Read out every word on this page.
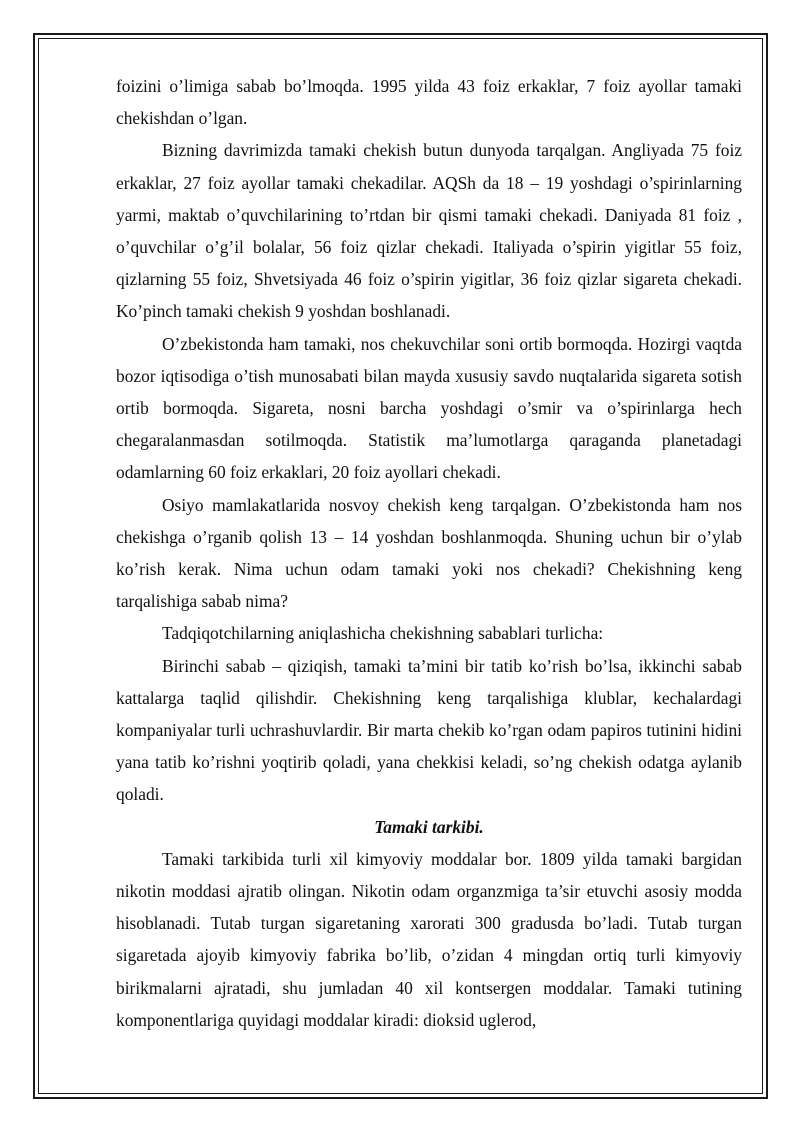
foizini o’limiga sabab bo’lmoqda. 1995 yilda 43 foiz erkaklar, 7 foiz ayollar tamaki chekishdan o’lgan.

Bizning davrimizda tamaki chekish butun dunyoda tarqalgan. Angliyada 75 foiz erkaklar, 27 foiz ayollar tamaki chekadilar. AQSh da 18 – 19 yoshdagi o’spirinlarning yarmi, maktab o’quvchilarining to’rtdan bir qismi tamaki chekadi. Daniyada 81 foiz , o’quvchilar o’g’il bolalar, 56 foiz qizlar chekadi. Italiyada o’spirin yigitlar 55 foiz, qizlarning 55 foiz, Shvetsiyada 46 foiz o’spirin yigitlar, 36 foiz qizlar sigareta chekadi. Ko’pinch tamaki chekish 9 yoshdan boshlanadi.

O’zbekistonda ham tamaki, nos chekuvchilar soni ortib bormoqda. Hozirgi vaqtda bozor iqtisodiga o’tish munosabati bilan mayda xususiy savdo nuqtalarida sigareta sotish ortib bormoqda. Sigareta, nosni barcha yoshdagi o’smir va o’spirinlarga hech chegaralanmasdan sotilmoqda. Statistik ma’lumotlarga qaraganda planetadagi odamlarning 60 foiz erkaklari, 20 foiz ayollari chekadi.

Osiyo mamlakatlarida nosvoy chekish keng tarqalgan. O’zbekistonda ham nos chekishga o’rganib qolish 13 – 14 yoshdan boshlanmoqda. Shuning uchun bir o’ylab ko’rish kerak. Nima uchun odam tamaki yoki nos chekadi? Chekishning keng tarqalishiga sabab nima?

Tadqiqotchilarning aniqlashicha chekishning sabablari turlicha:

Birinchi sabab – qiziqish, tamaki ta’mini bir tatib ko’rish bo’lsa, ikkinchi sabab kattalarga taqlid qilishdir. Chekishning keng tarqalishiga klublar, kechalardagi kompaniyalar turli uchrashuvlardir. Bir marta chekib ko’rgan odam papiros tutinini hidini yana tatib ko’rishni yoqtirib qoladi, yana chekkisi keladi, so’ng chekish odatga aylanib qoladi.

Tamaki tarkibi.

Tamaki tarkibida turli xil kimyoviy moddalar bor. 1809 yilda tamaki bargidan nikotin moddasi ajratib olingan. Nikotin odam organzmiga ta’sir etuvchi asosiy modda hisoblanadi. Tutab turgan sigaretaning xarorati 300 gradusda bo’ladi. Tutab turgan sigaretada ajoyib kimyoviy fabrika bo’lib, o’zidan 4 mingdan ortiq turli kimyoviy birikmalarni ajratadi, shu jumladan 40 xil kontsergen moddalar. Tamaki tutining komponentlariga quyidagi moddalar kiradi: dioksid uglerod,
